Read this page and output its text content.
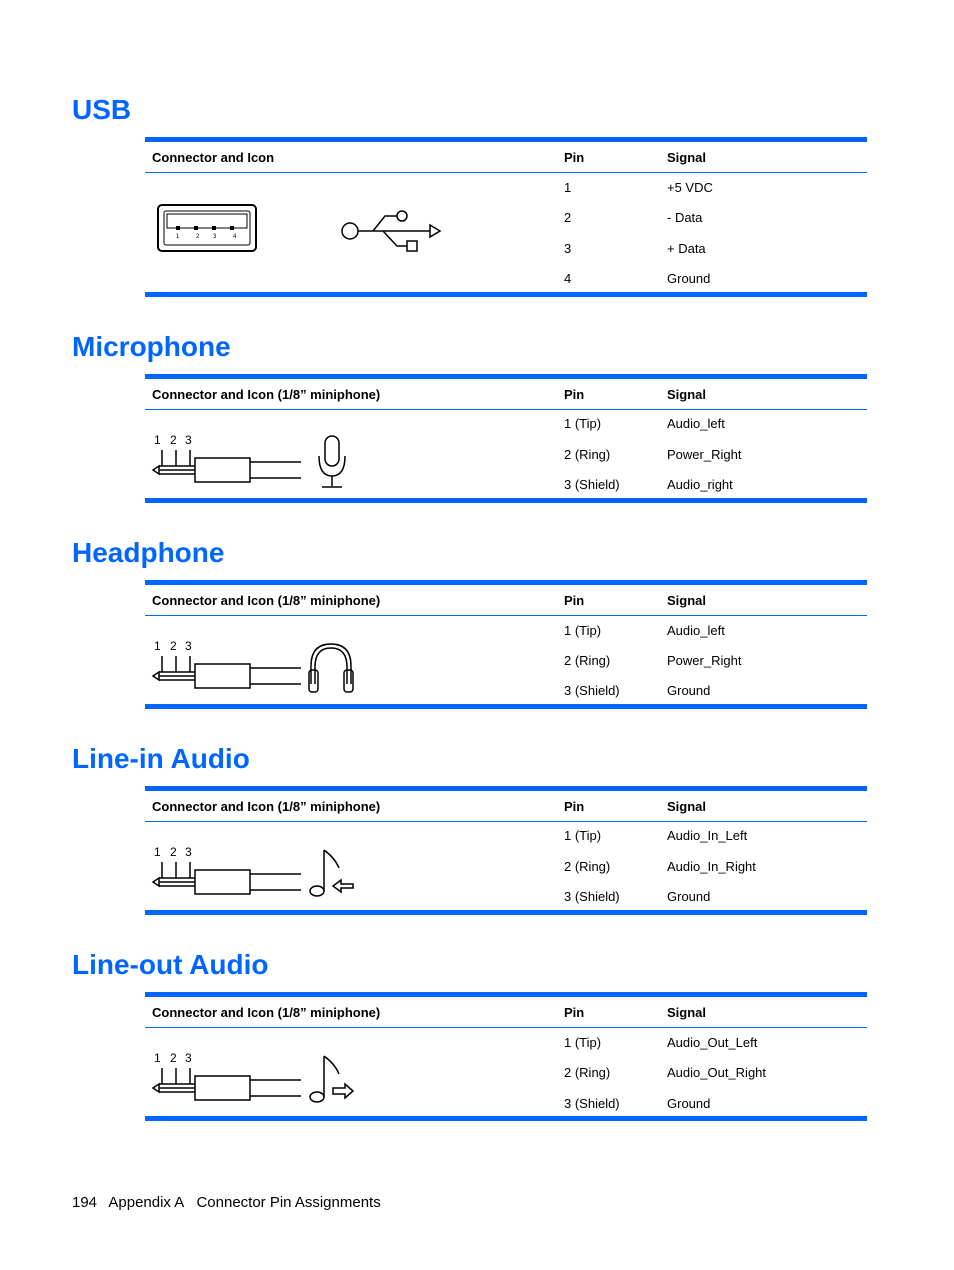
USB
Connector and Icon	Pin	Signal
1	2 3	4
1	+5 VDC
2	- Data
3	+ Data
4	Ground
Microphone
Connector and Icon (1/8” miniphone)	Pin	Signal
1 2 3
1 (Tip)	Audio_left
2 (Ring)	Power_Right
3 (Shield)	Audio_right
Headphone
Connector and Icon (1/8” miniphone)	Pin	Signal
1 2 3
1 (Tip)	Audio_left
2 (Ring)	Power_Right
3 (Shield)	Ground
Line-in Audio
Connector and Icon (1/8” miniphone)	Pin	Signal
1 2 3
1 (Tip)	Audio_In_Left
2 (Ring)	Audio_In_Right
3 (Shield)	Ground
Line-out Audio
Connector and Icon (1/8” miniphone)	Pin	Signal
1 2 3
1 (Tip)	Audio_Out_Left
2 (Ring)	Audio_Out_Right
3 (Shield)	Ground
194 Appendix A Connector Pin Assignments
